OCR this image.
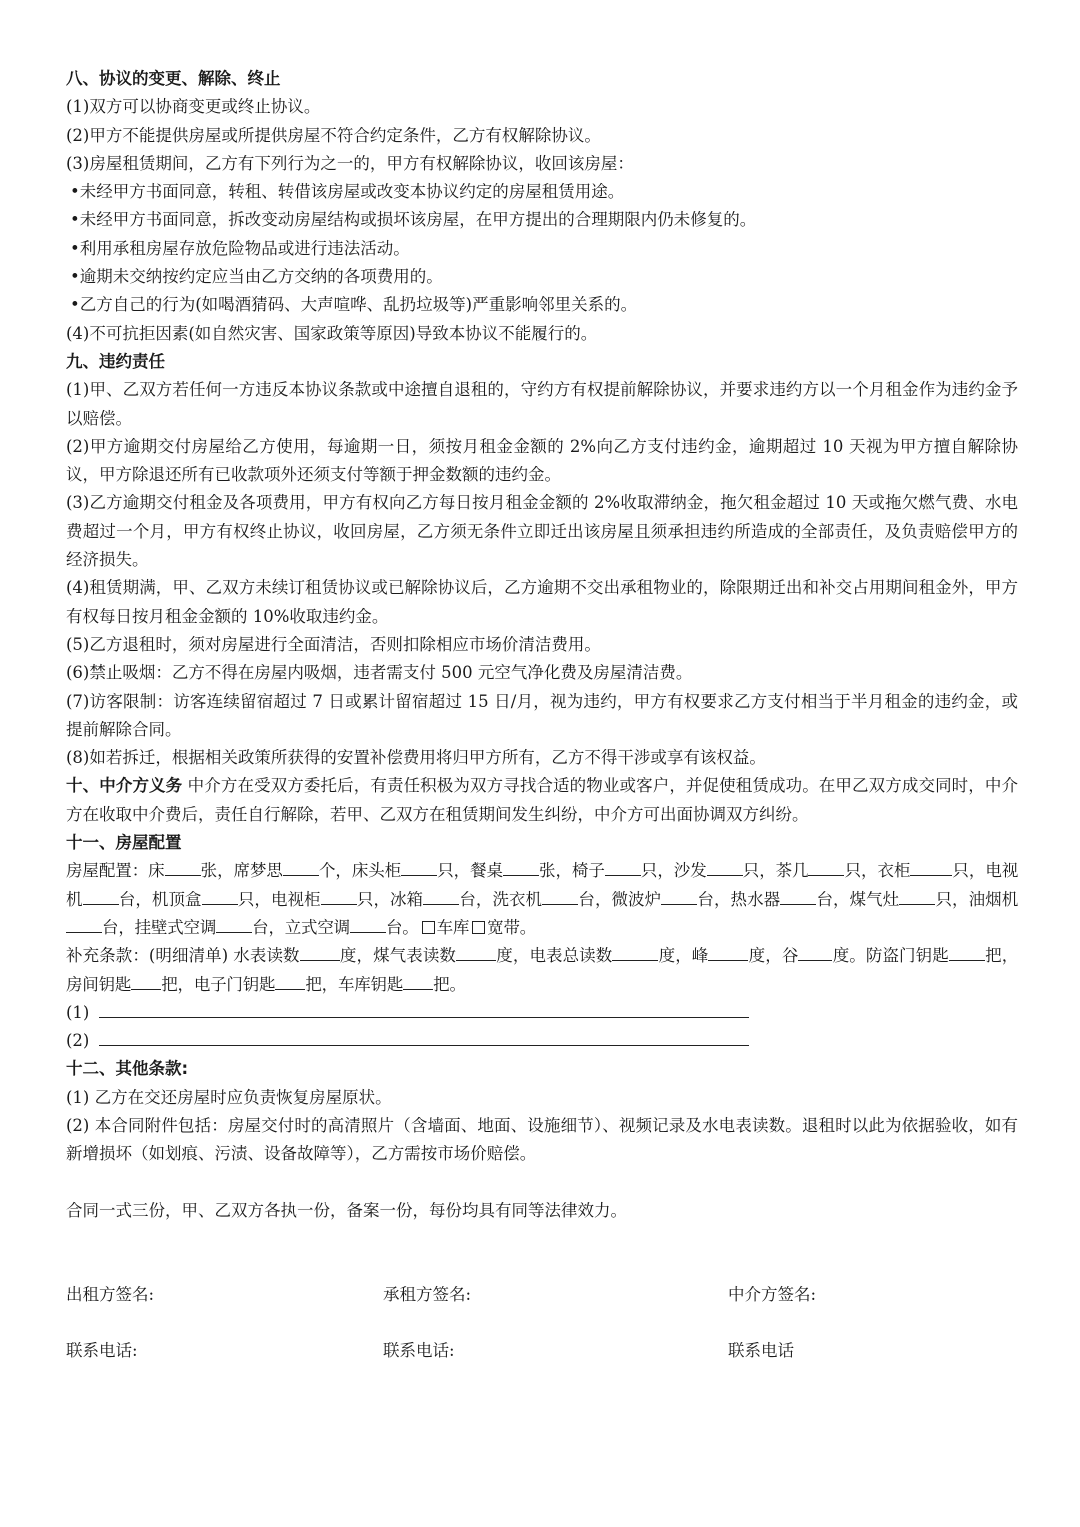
八、协议的变更、解除、终止

(1)双方可以协商变更或终止协议。

(2)甲方不能提供房屋或所提供房屋不符合约定条件，乙方有权解除协议。

(3)房屋租赁期间，乙方有下列行为之一的，甲方有权解除协议，收回该房屋：

•未经甲方书面同意，转租、转借该房屋或改变本协议约定的房屋租赁用途。

•未经甲方书面同意，拆改变动房屋结构或损坏该房屋，在甲方提出的合理期限内仍未修复的。

•利用承租房屋存放危险物品或进行违法活动。

•逾期未交纳按约定应当由乙方交纳的各项费用的。

•乙方自己的行为(如喝酒猜码、大声喧哗、乱扔垃圾等)严重影响邻里关系的。

(4)不可抗拒因素(如自然灾害、国家政策等原因)导致本协议不能履行的。

九、违约责任

(1)甲、乙双方若任何一方违反本协议条款或中途擅自退租的，守约方有权提前解除协议，并要求违约方以一个月租金作为违约金予以赔偿。

(2)甲方逾期交付房屋给乙方使用，每逾期一日，须按月租金金额的 2%向乙方支付违约金，逾期超过 10 天视为甲方擅自解除协议，甲方除退还所有已收款项外还须支付等额于押金数额的违约金。

(3)乙方逾期交付租金及各项费用，甲方有权向乙方每日按月租金金额的 2%收取滞纳金，拖欠租金超过 10 天或拖欠燃气费、水电费超过一个月，甲方有权终止协议，收回房屋，乙方须无条件立即迁出该房屋且须承担违约所造成的全部责任，及负责赔偿甲方的经济损失。

(4)租赁期满，甲、乙双方未续订租赁协议或已解除协议后，乙方逾期不交出承租物业的，除限期迁出和补交占用期间租金外，甲方有权每日按月租金金额的 10%收取违约金。

(5)乙方退租时，须对房屋进行全面清洁，否则扣除相应市场价清洁费用。

(6)禁止吸烟：乙方不得在房屋内吸烟，违者需支付 500 元空气净化费及房屋清洁费。

(7)访客限制：访客连续留宿超过 7 日或累计留宿超过 15 日/月，视为违约，甲方有权要求乙方支付相当于半月租金的违约金，或提前解除合同。

(8)如若拆迁，根据相关政策所获得的安置补偿费用将归甲方所有，乙方不得干涉或享有该权益。

十、中介方义务 中介方在受双方委托后，有责任积极为双方寻找合适的物业或客户，并促使租赁成功。在甲乙双方成交同时，中介方在收取中介费后，责任自行解除，若甲、乙双方在租赁期间发生纠纷，中介方可出面协调双方纠纷。

十一、房屋配置

房屋配置：床 张，席梦思 个，床头柜 只，餐桌 张，椅子 只，沙发 只，茶几 只，衣柜	只，电视机 台，机顶盒 只，电视柜 只，冰箱 台，洗衣机 台，微波炉 台，热水器 台，煤气灶 只，油烟机台，挂壁式空调 台，立式空调 台。 车库 宽带。

补充条款：(明细清单) 水表读数 度，煤气表读数 度，电表总读数	度，峰 度，谷 度。防盗门钥匙 把，房间钥匙 把，电子门钥匙 把，车库钥匙 把。

(1)

(2)

十二、其他条款:

(1) 乙方在交还房屋时应负责恢复房屋原状。

(2) 本合同附件包括：房屋交付时的高清照片（含墙面、地面、设施细节）、视频记录及水电表读数。退租时以此为依据验收，如有新增损坏（如划痕、污渍、设备故障等），乙方需按市场价赔偿。

合同一式三份，甲、乙双方各执一份，备案一份，每份均具有同等法律效力。

出租方签名:	承租方签名:	中介方签名:
联系电话:	联系电话:	联系电话
